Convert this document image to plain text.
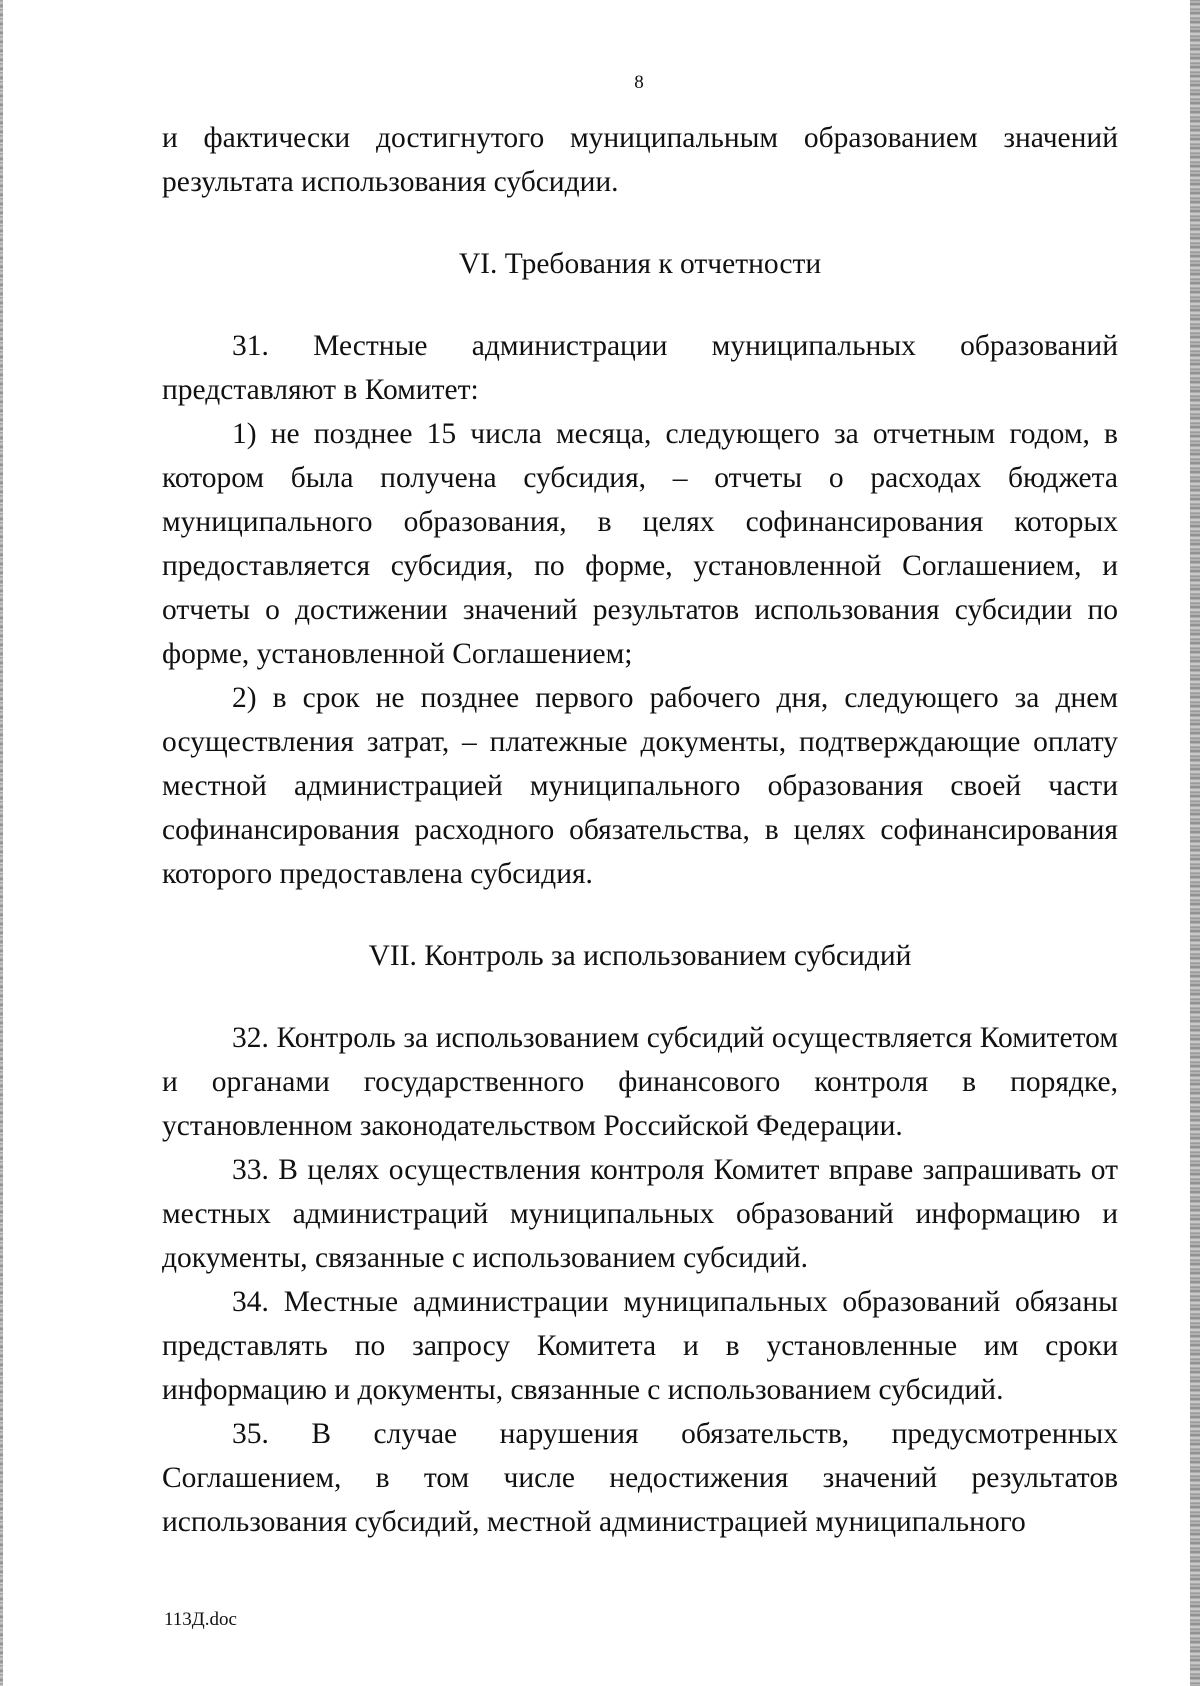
8

и фактически достигнутого муниципальным образованием значений результата использования субсидии.

VI. Требования к отчетности

31. Местные администрации муниципальных образований представляют в Комитет:

1) не позднее 15 числа месяца, следующего за отчетным годом, в котором была получена субсидия, – отчеты о расходах бюджета муниципального образования, в целях софинансирования которых предоставляется субсидия, по форме, установленной Соглашением, и отчеты о достижении значений результатов использования субсидии по форме, установленной Соглашением;

2) в срок не позднее первого рабочего дня, следующего за днем осуществления затрат, – платежные документы, подтверждающие оплату местной администрацией муниципального образования своей части софинансирования расходного обязательства, в целях софинансирования которого предоставлена субсидия.

VII. Контроль за использованием субсидий

32. Контроль за использованием субсидий осуществляется Комитетом и органами государственного финансового контроля в порядке, установленном законодательством Российской Федерации.

33. В целях осуществления контроля Комитет вправе запрашивать от местных администраций муниципальных образований информацию и документы, связанные с использованием субсидий.

34. Местные администрации муниципальных образований обязаны представлять по запросу Комитета и в установленные им сроки информацию и документы, связанные с использованием субсидий.

35. В случае нарушения обязательств, предусмотренных Соглашением, в том числе недостижения значений результатов использования субсидий, местной администрацией муниципального

113Д.doc
